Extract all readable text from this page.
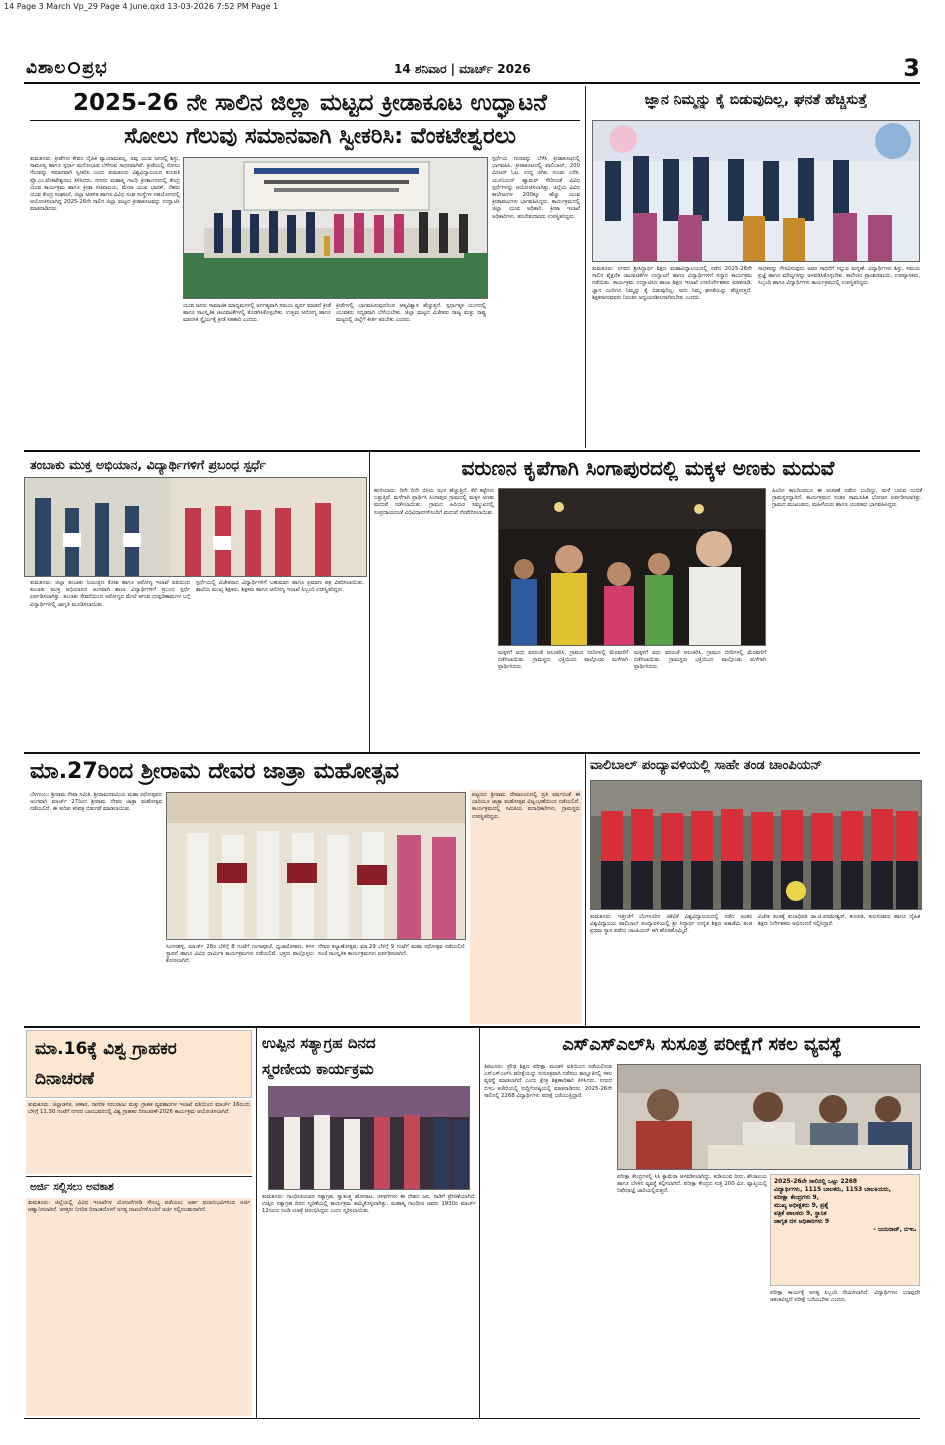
14 Page 3 March Vp_29 Page 4 June.qxd 13-03-2026 7:52 PM Page 1
ವಿಶಾಲ ಪ್ರಭ	14 ಶನಿವಾರ | ಮಾರ್ಚ್ 2026	3
2025-26 ನೇ ಸಾಲಿನ ಜಿಲ್ಲಾ ಮಟ್ಟದ ಕ್ರೀಡಾಕೂಟ ಉದ್ಘಾಟನೆ
ಸೋಲು ಗೆಲುವು ಸಮಾನವಾಗಿ ಸ್ವೀಕರಿಸಿ: ವೆಂಕಟೇಶ್ವರಲು
ತುಮಕೂರು: ಕ್ರೀಡೆಗಳು ಕೇವಲ ದೈಹಿಕ ವ್ಯಾಯಾಮವಲ್ಲ, ಅವು ಯುವ ಜನರಲ್ಲಿ ಶಿಸ್ತು, ಸಾಮರಸ್ಯ ಹಾಗೂ ಸ್ಪರ್ಧಾ ಮನೋಭಾವ ಬೆಳೆಸುವ ಸಾಧನವಾಗಿವೆ. ಕ್ರೀಡೆಯಲ್ಲಿ ಸೋಲು ಗೆಲುವನ್ನು ಸಮಾನವಾಗಿ ಸ್ವೀಕರಿಸಿ ಎಂದು ತುಮಕೂರು ವಿಶ್ವವಿದ್ಯಾಲಯದ ಕುಲಪತಿ ಪ್ರೊ.ಎಂ.ವೆಂಕಟೇಶ್ವರಲು ತಿಳಿಸಿದರು. ನಗರದ ಮಹಾತ್ಮ ಗಾಂಧಿ ಕ್ರೀಡಾಂಗಣದಲ್ಲಿ ಕೇಂದ್ರ ಯುವ ಕಾರ್ಯಕ್ರಮ ಹಾಗೂ ಕ್ರೀಡಾ ಸಚಿವಾಲಯ, ಮೇರಾ ಯುವ ಭಾರತ್, ನೆಹರು ಯುವ ಕೇಂದ್ರ ಸಂಘಟನೆ, ಜಿಲ್ಲಾ ಆಡಳಿತ ಹಾಗೂ ವಿವಿಧ ಸಂಘ ಸಂಸ್ಥೆಗಳ ಸಹಯೋಗದಲ್ಲಿ ಆಯೋಜಿಸಲಾಗಿದ್ದ 2025-26ನೇ ಸಾಲಿನ ಜಿಲ್ಲಾ ಮಟ್ಟದ ಕ್ರೀಡಾಕೂಟವನ್ನು ಉದ್ಘಾಟಿಸಿ ಮಾತನಾಡಿದರು.
ಯುವ ಜನರು ಸಾಮಾಜಿಕ ಮಾಧ್ಯಮಗಳಲ್ಲಿ ಅನಗತ್ಯವಾಗಿ ಸಮಯ ವ್ಯರ್ಥ ಮಾಡದೆ ಕ್ರೀಡೆ ಹಾಗೂ ಸಾಂಸ್ಕೃತಿಕ ಚಟುವಟಿಕೆಗಳಲ್ಲಿ ತೊಡಗಿಸಿಕೊಳ್ಳಬೇಕು. ಉತ್ತಮ ಆರೋಗ್ಯ ಹಾಗೂ ಮಾನಸಿಕ ಸ್ಥೈರ್ಯಕ್ಕೆ ಕ್ರೀಡೆ ಸಹಕಾರಿ ಎಂದರು.
ಕ್ರೀಡೆಗಳಲ್ಲಿ ಭಾಗವಹಿಸುವುದರಿಂದ ಆತ್ಮವಿಶ್ವಾಸ ಹೆಚ್ಚುತ್ತದೆ. ಸ್ಪರ್ಧಾತ್ಮಕ ಯುಗದಲ್ಲಿ ಯುವಕರು ಸದೃಢರಾಗಿ ಬೆಳೆಯಬೇಕು. ಜಿಲ್ಲಾ ಮಟ್ಟದ ವಿಜೇತರು ರಾಜ್ಯ ಮತ್ತು ರಾಷ್ಟ್ರ ಮಟ್ಟದಲ್ಲಿ ಜಿಲ್ಲೆಗೆ ಕೀರ್ತಿ ತರಬೇಕು ಎಂದರು.
ಸ್ಪರ್ಧೆಯ ಗುಣವನ್ನು ಬೆಳೆಸಿ ಕ್ರೀಡಾಕೂಟದಲ್ಲಿ ಭಾಗವಹಿಸಿ. ಕ್ರೀಡಾಕೂಟದಲ್ಲಿ ವಾಲಿಬಾಲ್, 200 ಮೀಟರ್ ಓಟ, ಉದ್ದ ಜಿಗಿತ, ಗುಂಡು ಎಸೆತ, ಯೂನಿಯನ್ ಹ್ಯಾಮರ್ ಸೇರಿದಂತೆ ವಿವಿಧ ಸ್ಪರ್ಧೆಗಳನ್ನು ಆಯೋಜಿಸಲಾಗಿತ್ತು. ಜಿಲ್ಲೆಯ ವಿವಿಧ ಕಾಲೇಜುಗಳ 200ಕ್ಕೂ ಹೆಚ್ಚು ಯುವ ಕ್ರೀಡಾಪಟುಗಳು ಭಾಗವಹಿಸಿದ್ದರು. ಕಾರ್ಯಕ್ರಮದಲ್ಲಿ ಜಿಲ್ಲಾ ಯುವ ಅಧಿಕಾರಿ, ಕ್ರೀಡಾ ಇಲಾಖೆ ಅಧಿಕಾರಿಗಳು, ತರಬೇತುದಾರರು ಉಪಸ್ಥಿತರಿದ್ದರು.
ಜ್ಞಾನ ನಿಮ್ಮನ್ನು ಕೈ ಬಿಡುವುದಿಲ್ಲ, ಘನತೆ ಹೆಚ್ಚಿಸುತ್ತೆ
ತುಮಕೂರು: ನಗರದ ಶ್ರೀಸಿದ್ಧಾರ್ಥ ಶಿಕ್ಷಣ ಮಹಾವಿದ್ಯಾಲಯದಲ್ಲಿ ನಡೆದ 2025-26ನೇ ಸಾಲಿನ ಶೈಕ್ಷಣಿಕ ಚಟುವಟಿಕೆಗಳ ಉದ್ಘಾಟನೆ ಹಾಗೂ ವಿದ್ಯಾರ್ಥಿಗಳಿಗೆ ಸನ್ಮಾನ ಕಾರ್ಯಕ್ರಮ ನಡೆಯಿತು. ಕಾರ್ಯಕ್ರಮ ಉದ್ಘಾಟಿಸಿದ ಶಾಲಾ ಶಿಕ್ಷಣ ಇಲಾಖೆ ಉಪನಿರ್ದೇಶಕರು ಮಾತನಾಡಿ, ಜ್ಞಾನ ಎಂದಿಗೂ ನಿಮ್ಮನ್ನು ಕೈ ಬಿಡುವುದಿಲ್ಲ, ಅದು ನಿಮ್ಮ ಘನತೆಯನ್ನು ಹೆಚ್ಚಿಸುತ್ತದೆ. ಶಿಕ್ಷಕರಾಗುವವರು ನಿರಂತರ ಅಧ್ಯಯನಶೀಲರಾಗಿರಬೇಕು ಎಂದರು.
ಸಾಧಕರನ್ನು ಗೌರವಿಸುವುದು ಅವರ ಸಾಧನೆಗೆ ಸಲ್ಲುವ ಮನ್ನಣೆ. ವಿದ್ಯಾರ್ಥಿಗಳು ಶಿಸ್ತು, ಸಮಯ ಪ್ರಜ್ಞೆ ಹಾಗೂ ಮೌಲ್ಯಗಳನ್ನು ಅಳವಡಿಸಿಕೊಳ್ಳಬೇಕು. ಕಾಲೇಜಿನ ಪ್ರಾಂಶುಪಾಲರು, ಉಪನ್ಯಾಸಕರು, ಸಿಬ್ಬಂದಿ ಹಾಗೂ ವಿದ್ಯಾರ್ಥಿಗಳು ಕಾರ್ಯಕ್ರಮದಲ್ಲಿ ಉಪಸ್ಥಿತರಿದ್ದರು.
ತಂಬಾಕು ಮುಕ್ತ ಅಭಿಯಾನ, ವಿದ್ಯಾರ್ಥಿಗಳಿಗೆ ಪ್ರಬಂಧ ಸ್ಪರ್ಧೆ
ತುಮಕೂರು: ಜಿಲ್ಲಾ ತಂಬಾಕು ನಿಯಂತ್ರಣ ಕೋಶ ಹಾಗೂ ಆರೋಗ್ಯ ಇಲಾಖೆ ವತಿಯಿಂದ ತಂಬಾಕು ಮುಕ್ತ ಅಭಿಯಾನದ ಅಂಗವಾಗಿ ಶಾಲಾ ವಿದ್ಯಾರ್ಥಿಗಳಿಗೆ ಪ್ರಬಂಧ ಸ್ಪರ್ಧೆ ಏರ್ಪಡಿಸಲಾಗಿತ್ತು. ತಂಬಾಕು ಸೇವನೆಯಿಂದ ಆರೋಗ್ಯದ ಮೇಲೆ ಆಗುವ ದುಷ್ಪರಿಣಾಮಗಳ ಬಗ್ಗೆ ವಿದ್ಯಾರ್ಥಿಗಳಲ್ಲಿ ಜಾಗೃತಿ ಮೂಡಿಸಲಾಯಿತು.
ಸ್ಪರ್ಧೆಯಲ್ಲಿ ವಿಜೇತರಾದ ವಿದ್ಯಾರ್ಥಿಗಳಿಗೆ ಬಹುಮಾನ ಹಾಗೂ ಪ್ರಮಾಣ ಪತ್ರ ವಿತರಿಸಲಾಯಿತು. ಶಾಲೆಯ ಮುಖ್ಯ ಶಿಕ್ಷಕರು, ಶಿಕ್ಷಕರು ಹಾಗೂ ಆರೋಗ್ಯ ಇಲಾಖೆ ಸಿಬ್ಬಂದಿ ಉಪಸ್ಥಿತರಿದ್ದರು.
ವರುಣನ ಕೃಪೆಗಾಗಿ ಸಿಂಗಾಪುರದಲ್ಲಿ ಮಕ್ಕಳ ಅಣಕು ಮದುವೆ
ಹುಳಿಯಾರು: ದಿನೇ ದಿನೇ ಬಿಸಿಲು ಝಳ ಹೆಚ್ಚುತ್ತಿದೆ. ಕೆರೆ ಕಟ್ಟೆಗಳು ಬತ್ತುತ್ತಿವೆ. ಮಳೆಗಾಗಿ ಪ್ರಾರ್ಥಿಸಿ ಸಿಂಗಾಪುರ ಗ್ರಾಮದಲ್ಲಿ ಮಕ್ಕಳ ಅಣಕು ಮದುವೆ ನಡೆಸಲಾಯಿತು. ಗ್ರಾಮದ ಹಿರಿಯರ ಸಮ್ಮುಖದಲ್ಲಿ ಸಂಪ್ರದಾಯದಂತೆ ವಿಧಿವಿಧಾನಗಳೊಂದಿಗೆ ಮದುವೆ ನೆರವೇರಿಸಲಾಯಿತು.
ಮಕ್ಕಳಿಗೆ ವಧು ವರರಂತೆ ಅಲಂಕರಿಸಿ, ಗ್ರಾಮದ ಬೀದಿಗಳಲ್ಲಿ ಮೆರವಣಿಗೆ ನಡೆಸಲಾಯಿತು. ಗ್ರಾಮಸ್ಥರು ಭಕ್ತಿಯಿಂದ ಪಾಲ್ಗೊಂಡು ಮಳೆಗಾಗಿ ಪ್ರಾರ್ಥಿಸಿದರು.
ಮಕ್ಕಳಿಗೆ ವಧು ವರರಂತೆ ಅಲಂಕರಿಸಿ, ಗ್ರಾಮದ ಬೀದಿಗಳಲ್ಲಿ ಮೆರವಣಿಗೆ ನಡೆಸಲಾಯಿತು. ಗ್ರಾಮಸ್ಥರು ಭಕ್ತಿಯಿಂದ ಪಾಲ್ಗೊಂಡು ಮಳೆಗಾಗಿ ಪ್ರಾರ್ಥಿಸಿದರು.
ಹಿಂದಿನ ಕಾಲದಿಂದಲೂ ಈ ಆಚರಣೆ ನಡೆದು ಬಂದಿದ್ದು, ಮಳೆ ಬರುವ ನಂಬಿಕೆ ಗ್ರಾಮಸ್ಥರದ್ದಾಗಿದೆ. ಕಾರ್ಯಕ್ರಮದ ನಂತರ ಸಾಮೂಹಿಕ ಭೋಜನ ಏರ್ಪಡಿಸಲಾಗಿತ್ತು. ಗ್ರಾಮದ ಮುಖಂಡರು, ಮಹಿಳೆಯರು ಹಾಗೂ ಯುವಕರು ಭಾಗವಹಿಸಿದ್ದರು.
ಮಾ.27ರಿಂದ ಶ್ರೀರಾಮ ದೇವರ ಜಾತ್ರಾ ಮಹೋತ್ಸವ
ಬೆಳಗುಂಬ: ಶ್ರೀರಾಮ ಸೇವಾ ಸಮಿತಿ, ಶ್ರೀರಾಮನವಮಿಯ ಮಹಾ ರಥೋತ್ಸವದ ಅಂಗವಾಗಿ ಮಾರ್ಚ್ 27ರಿಂದ ಶ್ರೀರಾಮ ದೇವರ ಜಾತ್ರಾ ಮಹೋತ್ಸವ ನಡೆಯಲಿದೆ. ಈ ಕುರಿತು ಕರಪತ್ರ ಬಿಡುಗಡೆ ಮಾಡಲಾಯಿತು.
ಸಿಂಗನಹಳ್ಳಿ, ಮಾರ್ಚ್ 28ರ ಬೆಳಿಗ್ಗೆ 8 ಗಂಟೆಗೆ ಗಂಗಾಪೂಜೆ, ಧ್ವಜಾರೋಹಣ, ಕಳಸ ಸ್ಥಾಪನೆ ಹಾಗೂ ವಿವಿಧ ಧಾರ್ಮಿಕ ಕಾರ್ಯಕ್ರಮಗಳು ನಡೆಯಲಿವೆ. ಭಕ್ತರು ಪಾಲ್ಗೊಳ್ಳಲು ಕೋರಲಾಗಿದೆ.
ದೇವರ ಕಲ್ಯಾಣೋತ್ಸವ, ಮಾ.29 ಬೆಳಿಗ್ಗೆ 9 ಗಂಟೆಗೆ ಮಹಾ ರಥೋತ್ಸವ ನಡೆಯಲಿದೆ. ಸಂಜೆ ಸಾಂಸ್ಕೃತಿಕ ಕಾರ್ಯಕ್ರಮಗಳು ಏರ್ಪಡಿಸಲಾಗಿದೆ.
ಪಟ್ಟಣದ ಶ್ರೀರಾಮ ದೇವಾಲಯದಲ್ಲಿ ಪ್ರತಿ ವರ್ಷದಂತೆ ಈ ಬಾರಿಯೂ ಜಾತ್ರಾ ಮಹೋತ್ಸವ ವಿಜೃಂಭಣೆಯಿಂದ ನಡೆಯಲಿದೆ. ಕಾರ್ಯಕ್ರಮದಲ್ಲಿ ಸಮಿತಿಯ ಪದಾಧಿಕಾರಿಗಳು, ಗ್ರಾಮಸ್ಥರು ಉಪಸ್ಥಿತರಿದ್ದರು.
ವಾಲಿಬಾಲ್ ಪಂದ್ಯಾವಳಿಯಲ್ಲಿ ಸಾಹೇ ತಂಡ ಚಾಂಪಿಯನ್
ತುಮಕೂರು: ಇತ್ತೀಚೆಗೆ ಬೆಂಗಳೂರಿನ ಜಿಕೆವಿಕೆ ವಿಶ್ವವಿದ್ಯಾಲಯದಲ್ಲಿ ನಡೆದ ಅಂತರ ವಿಶ್ವವಿದ್ಯಾಲಯ ವಾಲಿಬಾಲ್ ಪಂದ್ಯಾವಳಿಯಲ್ಲಿ ಶ್ರೀ ಸಿದ್ಧಾರ್ಥ ಉನ್ನತ ಶಿಕ್ಷಣ ಅಕಾಡೆಮಿ ತಂಡ ಪ್ರಥಮ ಸ್ಥಾನ ಪಡೆದು ಚಾಂಪಿಯನ್ ಆಗಿ ಹೊರಹೊಮ್ಮಿದೆ.
ವಿಜೇತ ತಂಡಕ್ಕೆ ಕುಲಾಧಿಪತಿ ಡಾ.ಜಿ.ಪರಮೇಶ್ವರ್, ಕುಲಪತಿ, ಕುಲಸಚಿವರು ಹಾಗೂ ದೈಹಿಕ ಶಿಕ್ಷಣ ನಿರ್ದೇಶಕರು ಅಭಿನಂದನೆ ಸಲ್ಲಿಸಿದ್ದಾರೆ.
ಮಾ.16ಕ್ಕೆ ವಿಶ್ವ ಗ್ರಾಹಕರ
ದಿನಾಚರಣೆ
ತುಮಕೂರು: ಜಿಲ್ಲಾಡಳಿತ, ಆಹಾರ, ನಾಗರಿಕ ಸರಬರಾಜು ಮತ್ತು ಗ್ರಾಹಕ ವ್ಯವಹಾರಗಳ ಇಲಾಖೆ ವತಿಯಿಂದ ಮಾರ್ಚ್ 16ರಂದು ಬೆಳಿಗ್ಗೆ 11.30 ಗಂಟೆಗೆ ನಗರದ ಬಾಲಭವನದಲ್ಲಿ ವಿಶ್ವ ಗ್ರಾಹಕರ ದಿನಾಚರಣೆ-2026 ಕಾರ್ಯಕ್ರಮ ಆಯೋಜಿಸಲಾಗಿದೆ.
ಅರ್ಜಿ ಸಲ್ಲಿಸಲು ಅವಕಾಶ
ತುಮಕೂರು: ಜಿಲ್ಲೆಯಲ್ಲಿ ವಿವಿಧ ಇಲಾಖೆಗಳ ಯೋಜನೆಗಳಡಿ ಸೌಲಭ್ಯ ಪಡೆಯಲು ಅರ್ಹ ಫಲಾನುಭವಿಗಳಿಂದ ಅರ್ಜಿ ಆಹ್ವಾನಿಸಲಾಗಿದೆ. ಆಸಕ್ತರು ನಿಗದಿತ ದಿನಾಂಕದೊಳಗೆ ಅಗತ್ಯ ದಾಖಲೆಗಳೊಂದಿಗೆ ಅರ್ಜಿ ಸಲ್ಲಿಸಬಹುದಾಗಿದೆ.
ಉಪ್ಪಿನ ಸತ್ಯಾಗ್ರಹ ದಿನದ
ಸ್ಮರಣೀಯ ಕಾರ್ಯಕ್ರಮ
ತುಮಕೂರು: ಗಾಂಧೀಜಿಯವರ ಸತ್ಯಾಗ್ರಹ, ಸ್ವಾತಂತ್ರ್ಯ ಹೋರಾಟ, ಚಳವಳಿಗಳು ಈ ದೇಶದ ಜನ, ನಾಡಿಗೆ ಪ್ರೇರಣೆಯಾಗಿದೆ. ಉಪ್ಪಿನ ಸತ್ಯಾಗ್ರಹ ದಿನದ ಸ್ಮರಣೆಯಲ್ಲಿ ಕಾರ್ಯಕ್ರಮ ಹಮ್ಮಿಕೊಳ್ಳಲಾಗಿತ್ತು. ಮಹಾತ್ಮ ಗಾಂಧೀಜಿ ಅವರು 1930ರ ಮಾರ್ಚ್ 12ರಂದು ದಂಡಿ ಯಾತ್ರೆ ಆರಂಭಿಸಿದ್ದರು ಎಂದು ಸ್ಮರಿಸಲಾಯಿತು.
ಎಸ್‌ಎಸ್‌ಎಲ್‌ಸಿ ಸುಸೂತ್ರ ಪರೀಕ್ಷೆಗೆ ಸಕಲ ವ್ಯವಸ್ಥೆ
ತಿಪಟೂರು: ಪ್ರೌಢ ಶಿಕ್ಷಣ ಪರೀಕ್ಷಾ ಮಂಡಳಿ ವತಿಯಿಂದ ನಡೆಯಲಿರುವ ಎಸ್‌ಎಸ್‌ಎಲ್‌ಸಿ ಪರೀಕ್ಷೆಯನ್ನು ಸುಸೂತ್ರವಾಗಿ ನಡೆಸಲು ತಾಲ್ಲೂಕಿನಲ್ಲಿ ಸಕಲ ವ್ಯವಸ್ಥೆ ಮಾಡಲಾಗಿದೆ ಎಂದು ಕ್ಷೇತ್ರ ಶಿಕ್ಷಣಾಧಿಕಾರಿ ತಿಳಿಸಿದರು. ನಗರದ ಬಿಇಒ ಕಚೇರಿಯಲ್ಲಿ ಸುದ್ದಿಗೋಷ್ಠಿಯಲ್ಲಿ ಮಾತನಾಡಿದರು. 2025-26ನೇ ಸಾಲಿನಲ್ಲಿ 2268 ವಿದ್ಯಾರ್ಥಿಗಳು ಪರೀಕ್ಷೆ ಬರೆಯುತ್ತಿದ್ದಾರೆ.
ಪರೀಕ್ಷಾ ಕೇಂದ್ರಗಳಲ್ಲಿ ಸಿಸಿ ಕ್ಯಾಮೆರಾ ಅಳವಡಿಸಲಾಗಿದ್ದು, ಕುಡಿಯುವ ನೀರು, ಶೌಚಾಲಯ ಹಾಗೂ ಬೆಳಕಿನ ವ್ಯವಸ್ಥೆ ಕಲ್ಪಿಸಲಾಗಿದೆ. ಪರೀಕ್ಷಾ ಕೇಂದ್ರದ ಸುತ್ತ 200 ಮೀ. ವ್ಯಾಪ್ತಿಯಲ್ಲಿ ನಿಷೇಧಾಜ್ಞೆ ಜಾರಿಯಲ್ಲಿರುತ್ತದೆ.
2025-26ನೇ ಸಾಲಿನಲ್ಲಿ ಒಟ್ಟು 2268
ವಿದ್ಯಾರ್ಥಿಗಳು, 1115 ಬಾಲಕರು, 1153 ಬಾಲಕಿಯರು,
ಪರೀಕ್ಷಾ ಕೇಂದ್ರಗಳು 9,
ಮುಖ್ಯ ಅಧೀಕ್ಷಕರು 9, ಪ್ರಶ್ನೆ
ಪತ್ರಿಕೆ ಪಾಲಕರು 9, ಸ್ಥಾನಿಕ
ಜಾಗೃತ ದಳ ಅಧಿಕಾರಿಗಳು 9
- ಜಯರಾಜ್, ಬಿಇಒ
ಪರೀಕ್ಷಾ ಕಾರ್ಯಕ್ಕೆ ಅಗತ್ಯ ಸಿಬ್ಬಂದಿ ನೇಮಿಸಲಾಗಿದೆ. ವಿದ್ಯಾರ್ಥಿಗಳು ಯಾವುದೇ ಆತಂಕವಿಲ್ಲದೆ ಪರೀಕ್ಷೆ ಬರೆಯಬೇಕು ಎಂದರು.
